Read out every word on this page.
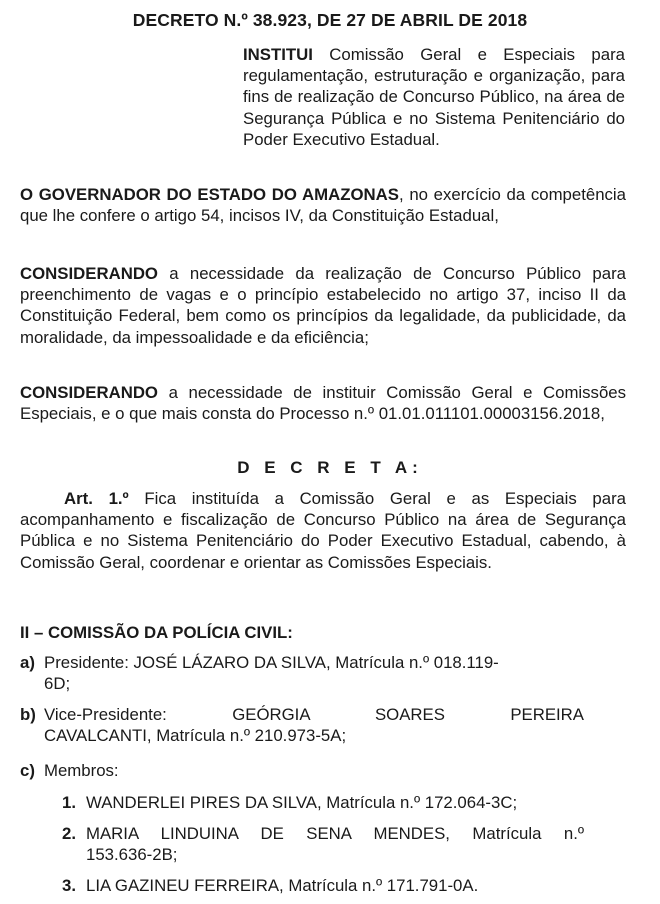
DECRETO N.º 38.923, DE 27 DE ABRIL DE 2018
INSTITUI Comissão Geral e Especiais para regulamentação, estruturação e organização, para fins de realização de Concurso Público, na área de Segurança Pública e no Sistema Penitenciário do Poder Executivo Estadual.
O GOVERNADOR DO ESTADO DO AMAZONAS, no exercício da competência que lhe confere o artigo 54, incisos IV, da Constituição Estadual,
CONSIDERANDO a necessidade da realização de Concurso Público para preenchimento de vagas e o princípio estabelecido no artigo 37, inciso II da Constituição Federal, bem como os princípios da legalidade, da publicidade, da moralidade, da impessoalidade e da eficiência;
CONSIDERANDO a necessidade de instituir Comissão Geral e Comissões Especiais, e o que mais consta do Processo n.º 01.01.011101.00003156.2018,
D E C R E T A:
Art. 1.º Fica instituída a Comissão Geral e as Especiais para acompanhamento e fiscalização de Concurso Público na área de Segurança Pública e no Sistema Penitenciário do Poder Executivo Estadual, cabendo, à Comissão Geral, coordenar e orientar as Comissões Especiais.
II – COMISSÃO DA POLÍCIA CIVIL:
a) Presidente: JOSÉ LÁZARO DA SILVA, Matrícula n.º 018.119-
6D;
b) Vice-Presidente: GEÓRGIA SOARES PEREIRA
CAVALCANTI, Matrícula n.º 210.973-5A;
c) Membros:
1. WANDERLEI PIRES DA SILVA, Matrícula n.º 172.064-3C;
2. MARIA LINDUINA DE SENA MENDES, Matrícula n.º
153.636-2B;
3. LIA GAZINEU FERREIRA, Matrícula n.º 171.791-0A.
